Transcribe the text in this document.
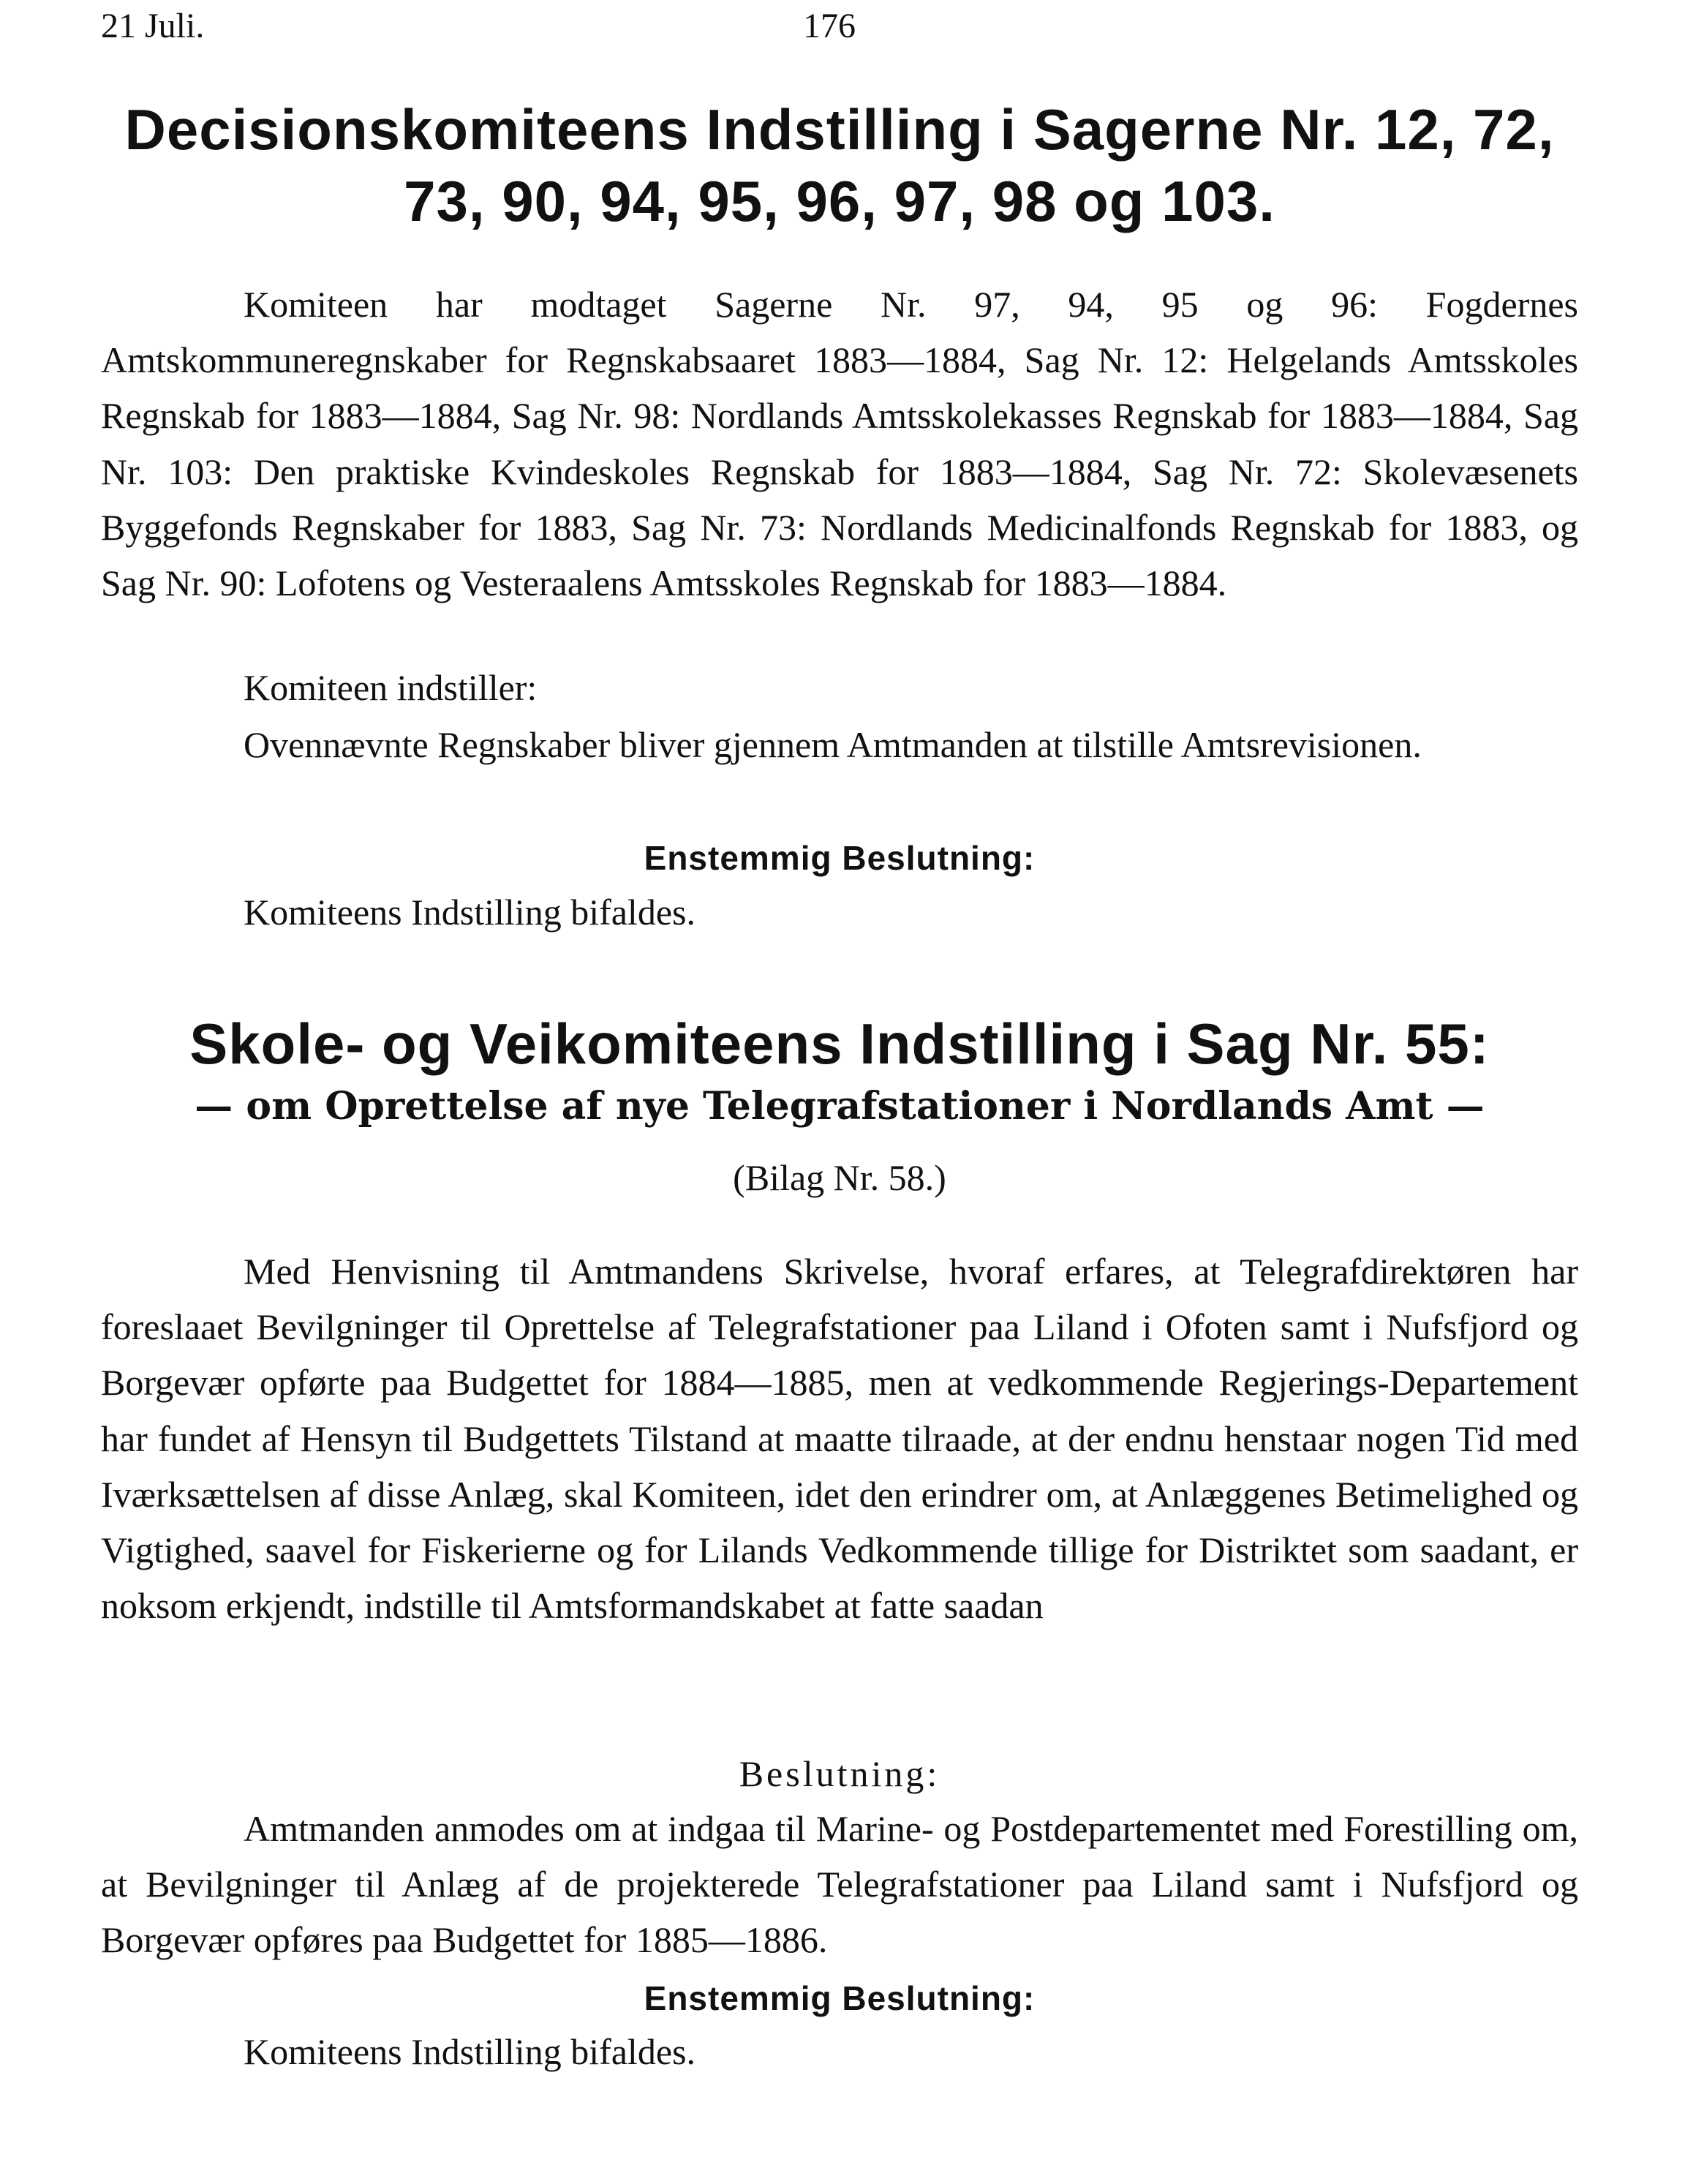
21 Juli.	176
Decisionskomiteens Indstilling i Sagerne Nr. 12, 72, 73, 90, 94, 95, 96, 97, 98 og 103.
Komiteen har modtaget Sagerne Nr. 97, 94, 95 og 96: Fogdernes Amtskommuneregnskaber for Regnskabsaaret 1883—1884, Sag Nr. 12: Helgelands Amtsskoles Regnskab for 1883—1884, Sag Nr. 98: Nordlands Amtsskolekasses Regnskab for 1883—1884, Sag Nr. 103: Den praktiske Kvindeskoles Regnskab for 1883—1884, Sag Nr. 72: Skolevæsenets Byggefonds Regnskaber for 1883, Sag Nr. 73: Nordlands Medicinalfonds Regnskab for 1883, og Sag Nr. 90: Lofotens og Vesteraalens Amtsskoles Regnskab for 1883—1884.
Komiteen indstiller:
Ovennævnte Regnskaber bliver gjennem Amtmanden at tilstille Amtsrevisionen.
Enstemmig Beslutning:
Komiteens Indstilling bifaldes.
Skole- og Veikomiteens Indstilling i Sag Nr. 55:
— om Oprettelse af nye Telegrafstationer i Nordlands Amt —
(Bilag Nr. 58.)
Med Henvisning til Amtmandens Skrivelse, hvoraf erfares, at Telegrafdirektøren har foreslaaet Bevilgninger til Oprettelse af Telegrafstationer paa Liland i Ofoten samt i Nufsfjord og Borgevær opførte paa Budgettet for 1884—1885, men at vedkommende Regjerings-Departement har fundet af Hensyn til Budgettets Tilstand at maatte tilraade, at der endnu henstaar nogen Tid med Iværksættelsen af disse Anlæg, skal Komiteen, idet den erindrer om, at Anlæggenes Betimelighed og Vigtighed, saavel for Fiskerierne og for Lilands Vedkommende tillige for Distriktet som saadant, er noksom erkjendt, indstille til Amtsformandskabet at fatte saadan
Beslutning:
Amtmanden anmodes om at indgaa til Marine- og Postdepartementet med Forestilling om, at Bevilgninger til Anlæg af de projekterede Telegrafstationer paa Liland samt i Nufsfjord og Borgevær opføres paa Budgettet for 1885—1886.
Enstemmig Beslutning:
Komiteens Indstilling bifaldes.
